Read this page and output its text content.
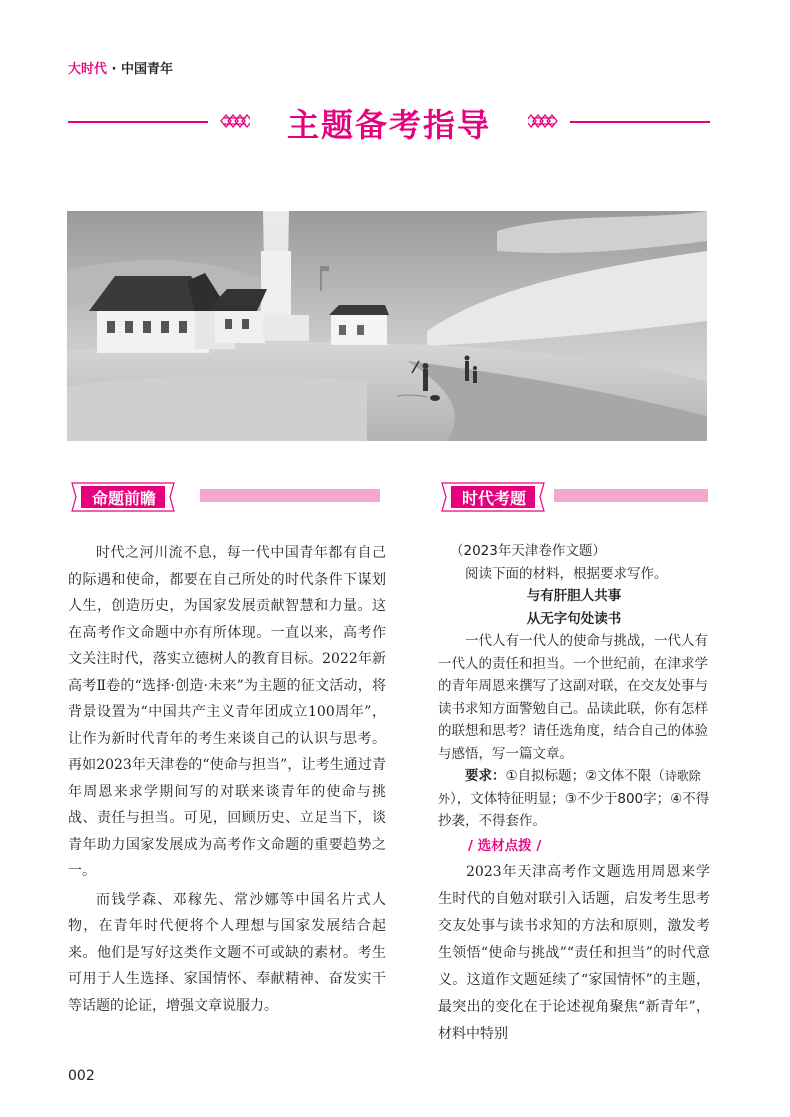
大时代 · 中国青年
主题备考指导
命题前瞻	时代考题

时代之河川流不息，每一代中国青年都有自己的际遇和使命，都要在自己所处的时代条件下谋划人生，创造历史，为国家发展贡献智慧和力量。这在高考作文命题中亦有所体现。一直以来，高考作文关注时代，落实立德树人的教育目标。2022年新高考Ⅱ卷的“选择·创造·未来”为主题的征文活动，将背景设置为“中国共产主义青年团成立100周年”，让作为新时代青年的考生来谈自己的认识与思考。再如2023年天津卷的“使命与担当”，让考生通过青年周恩来求学期间写的对联来谈青年的使命与挑战、责任与担当。可见，回顾历史、立足当下，谈青年助力国家发展成为高考作文命题的重要趋势之一。

而钱学森、邓稼先、常沙娜等中国名片式人物，在青年时代便将个人理想与国家发展结合起来。他们是写好这类作文题不可或缺的素材。考生可用于人生选择、家国情怀、奉献精神、奋发实干等话题的论证，增强文章说服力。

（2023年天津卷作文题）

阅读下面的材料，根据要求写作。

与有肝胆人共事

从无字句处读书

一代人有一代人的使命与挑战，一代人有一代人的责任和担当。一个世纪前，在津求学的青年周恩来撰写了这副对联，在交友处事与读书求知方面警勉自己。品读此联，你有怎样的联想和思考？请任选角度，结合自己的体验与感悟，写一篇文章。

要求：①自拟标题；②文体不限（诗歌除外），文体特征明显；③不少于800字；④不得抄袭，不得套作。

/ 选材点拨 /

2023年天津高考作文题选用周恩来学生时代的自勉对联引入话题，启发考生思考交友处事与读书求知的方法和原则，激发考生领悟“使命与挑战”“责任和担当”的时代意义。这道作文题延续了“家国情怀”的主题，最突出的变化在于论述视角聚焦“新青年”，材料中特别

002
